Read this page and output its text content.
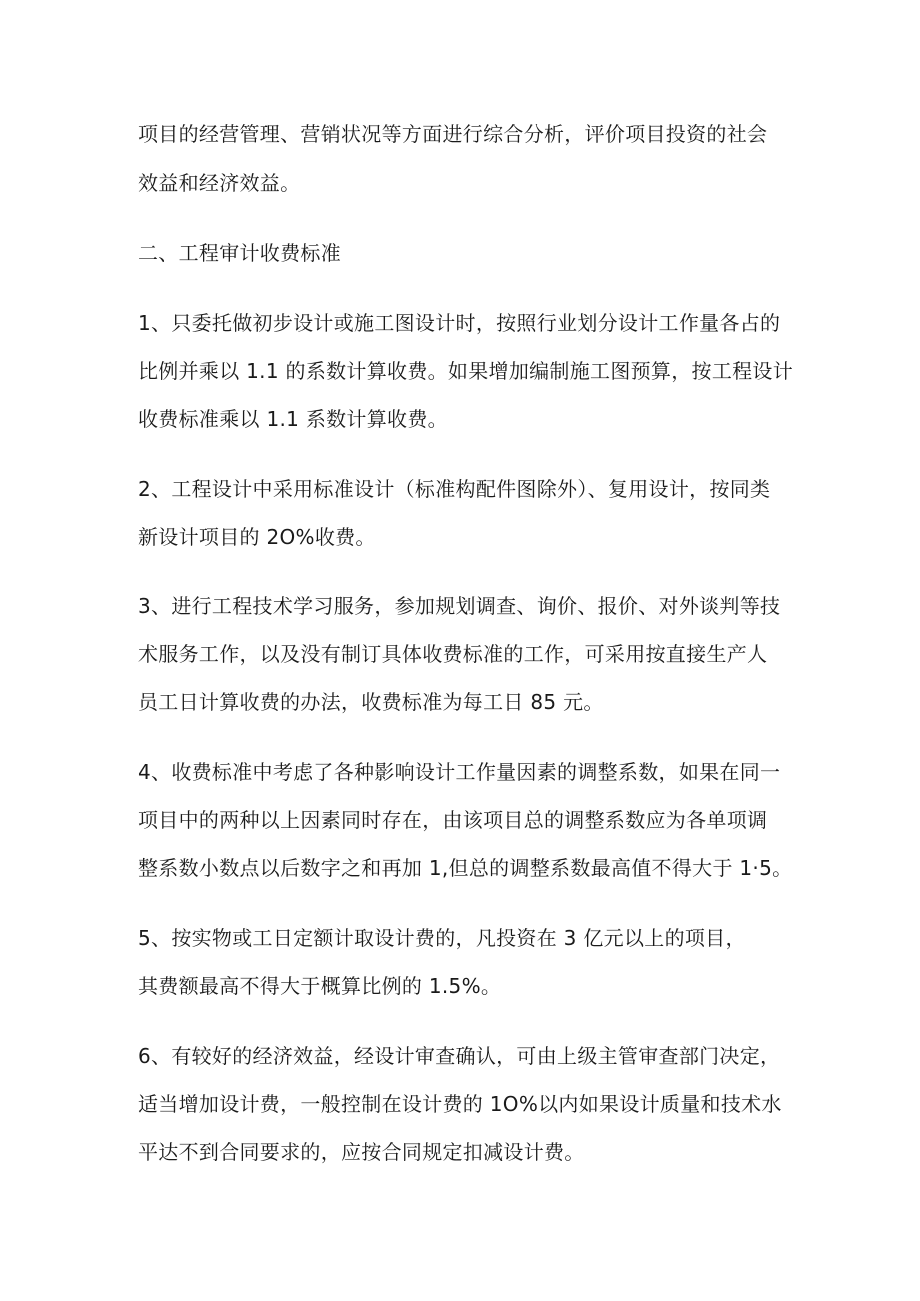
项目的经营管理、营销状况等方面进行综合分析，评价项目投资的社会
效益和经济效益。
二、工程审计收费标准
1、只委托做初步设计或施工图设计时，按照行业划分设计工作量各占的
比例并乘以 1.1 的系数计算收费。如果增加编制施工图预算，按工程设计
收费标准乘以 1.1 系数计算收费。
2、工程设计中采用标准设计（标准构配件图除外）、复用设计，按同类
新设计项目的 2O%收费。
3、进行工程技术学习服务，参加规划调查、询价、报价、对外谈判等技
术服务工作，以及没有制订具体收费标准的工作，可采用按直接生产人
员工日计算收费的办法，收费标准为每工日 85 元。
4、收费标准中考虑了各种影响设计工作量因素的调整系数，如果在同一
项目中的两种以上因素同时存在，由该项目总的调整系数应为各单项调
整系数小数点以后数字之和再加 1,但总的调整系数最高值不得大于 1·5。
5、按实物或工日定额计取设计费的，凡投资在 3 亿元以上的项目，
其费额最高不得大于概算比例的 1.5%。
6、有较好的经济效益，经设计审查确认，可由上级主管审查部门决定，
适当增加设计费，一般控制在设计费的 1O%以内如果设计质量和技术水
平达不到合同要求的，应按合同规定扣减设计费。
